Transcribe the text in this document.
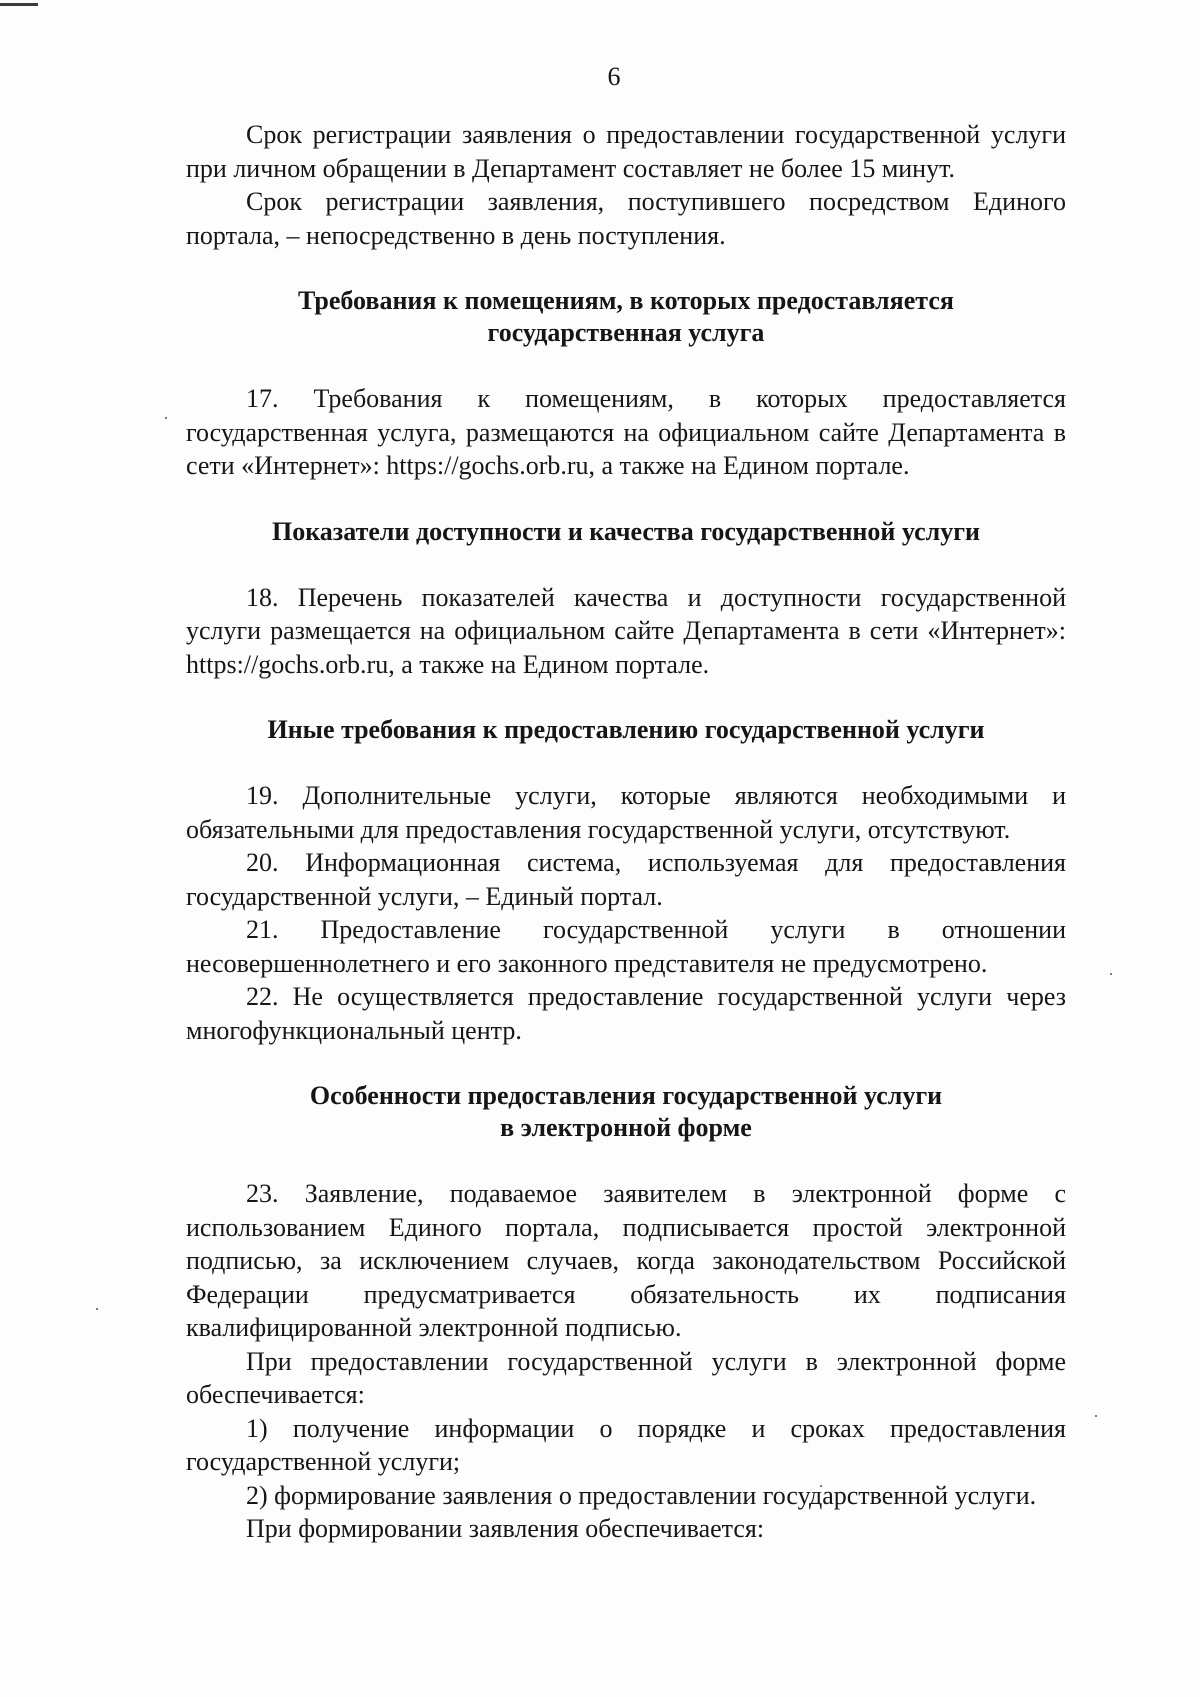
6

Срок регистрации заявления о предоставлении государственной услуги при личном обращении в Департамент составляет не более 15 минут.

Срок регистрации заявления, поступившего посредством Единого портала, – непосредственно в день поступления.

Требования к помещениям, в которых предоставляется
государственная услуга

17. Требования к помещениям, в которых предоставляется государственная услуга, размещаются на официальном сайте Департамента в сети «Интернет»: https://gochs.orb.ru, а также на Едином портале.

Показатели доступности и качества государственной услуги

18. Перечень показателей качества и доступности государственной услуги размещается на официальном сайте Департамента в сети «Интернет»: https://gochs.orb.ru, а также на Едином портале.

Иные требования к предоставлению государственной услуги

19. Дополнительные услуги, которые являются необходимыми и обязательными для предоставления государственной услуги, отсутствуют.

20. Информационная система, используемая для предоставления государственной услуги, – Единый портал.

21. Предоставление государственной услуги в отношении несовершеннолетнего и его законного представителя не предусмотрено.

22. Не осуществляется предоставление государственной услуги через многофункциональный центр.

Особенности предоставления государственной услуги
в электронной форме

23. Заявление, подаваемое заявителем в электронной форме с использованием Единого портала, подписывается простой электронной подписью, за исключением случаев, когда законодательством Российской Федерации предусматривается обязательность их подписания квалифицированной электронной подписью.

При предоставлении государственной услуги в электронной форме обеспечивается:

1) получение информации о порядке и сроках предоставления государственной услуги;

2) формирование заявления о предоставлении государственной услуги.

При формировании заявления обеспечивается:
